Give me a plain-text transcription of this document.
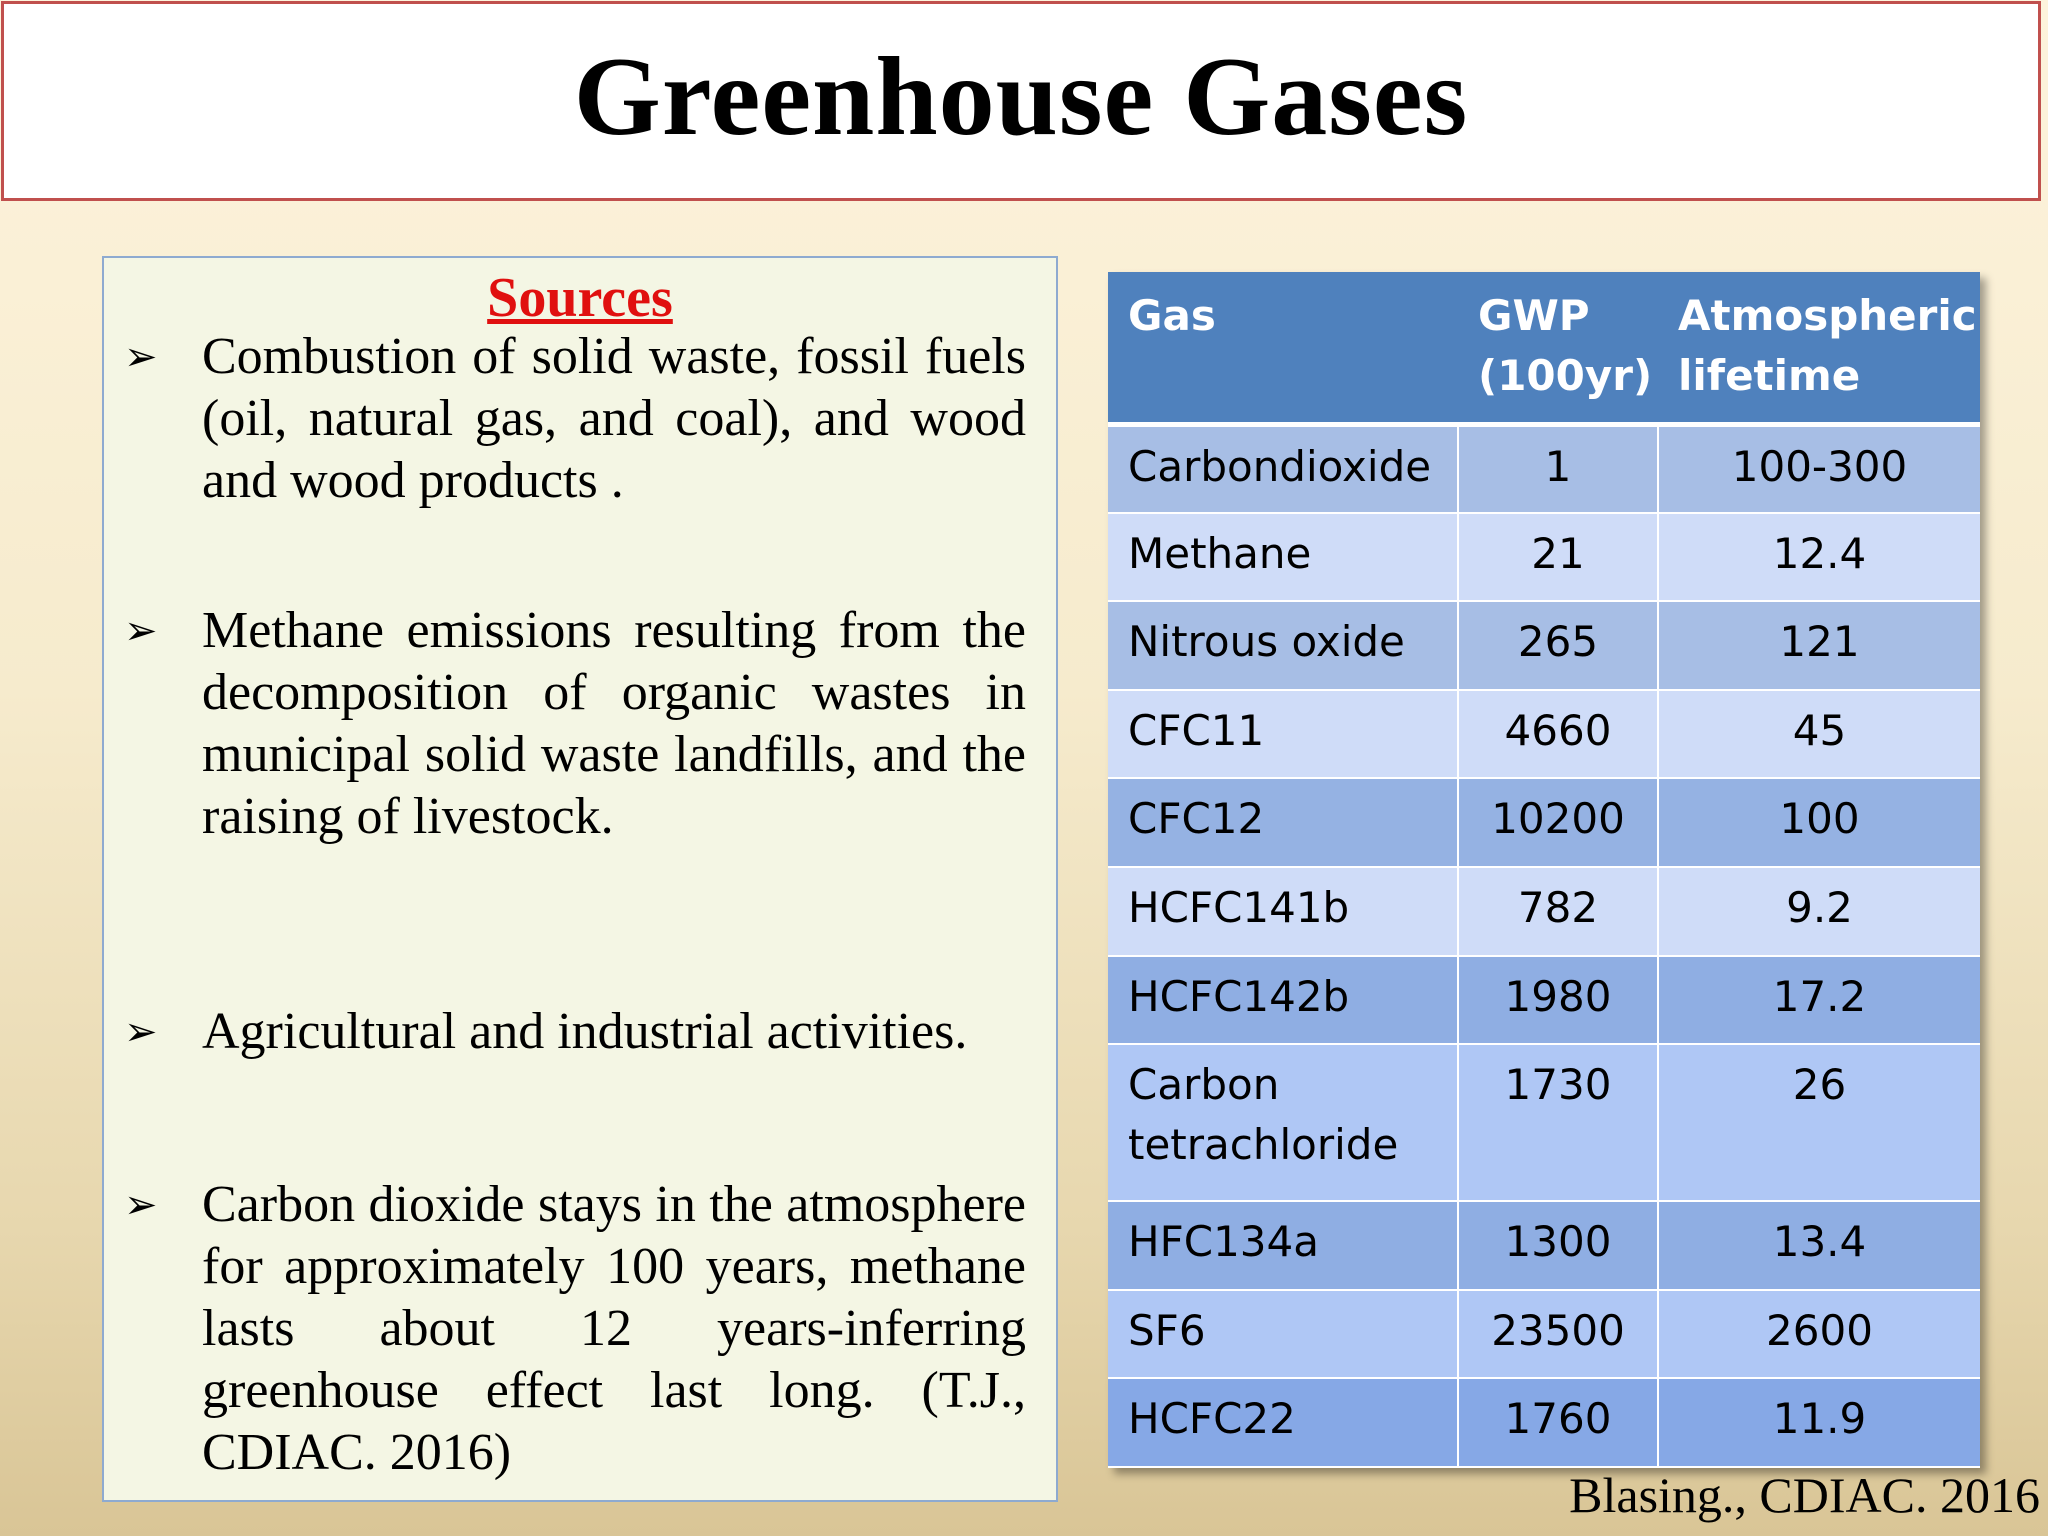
Greenhouse Gases
Sources
➢ Combustion of solid waste, fossil fuels (oil, natural gas, and coal), and wood and wood products .
➢ Methane emissions resulting from the decomposition of organic wastes in municipal solid waste landfills, and the raising of livestock.
➢ Agricultural and industrial activities.
➢ Carbon dioxide stays in the atmosphere for approximately 100 years, methane lasts about 12 years-inferring greenhouse effect last long. (T.J., CDIAC. 2016)
Gas	GWP (100yr)	Atmospheric lifetime
Carbondioxide	1	100-300
Methane	21	12.4
Nitrous oxide	265	121
CFC11	4660	45
CFC12	10200	100
HCFC141b	782	9.2
HCFC142b	1980	17.2
Carbon tetrachloride	1730	26
HFC134a	1300	13.4
SF6	23500	2600
HCFC22	1760	11.9
Blasing., CDIAC. 2016
